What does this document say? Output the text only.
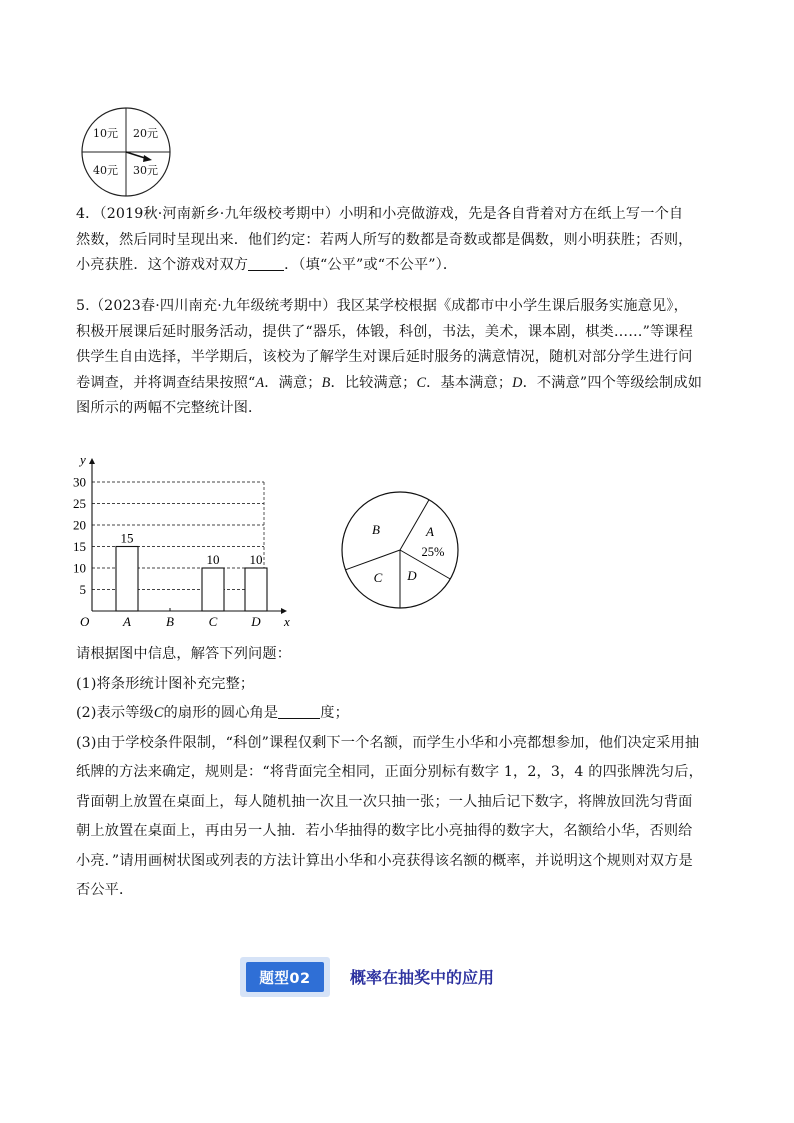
10元 20元
40元 30元
4．（2019秋·河南新乡·九年级校考期中）小明和小亮做游戏，先是各自背着对方在纸上写一个自
然数，然后同时呈现出来．他们约定：若两人所写的数都是奇数或都是偶数，则小明获胜；否则，
小亮获胜．这个游戏对双方	．（填“公平”或“不公平”）．
5.（2023春·四川南充·九年级统考期中）我区某学校根据《成都市中小学生课后服务实施意见》，
积极开展课后延时服务活动，提供了“器乐，体锻，科创，书法，美术，课本剧，棋类……”等课程
供学生自由选择，半学期后，该校为了解学生对课后延时服务的满意情况，随机对部分学生进行问
卷调查，并将调查结果按照“A．满意；B．比较满意；C．基本满意；D．不满意”四个等级绘制成如
图所示的两幅不完整统计图．
5
10
15
20
25
30
y
x
O	A
15
B	C
10
D
10
A
B
C D
25%
请根据图中信息，解答下列问题：
(1)将条形统计图补充完整；
(2)表示等级C的扇形的圆心角是	度；
(3)由于学校条件限制，“科创”课程仅剩下一个名额，而学生小华和小亮都想参加，他们决定采用抽
纸牌的方法来确定，规则是：“将背面完全相同，正面分别标有数字 1，2，3，4 的四张牌洗匀后，
背面朝上放置在桌面上，每人随机抽一次且一次只抽一张；一人抽后记下数字，将牌放回洗匀背面
朝上放置在桌面上，再由另一人抽．若小华抽得的数字比小亮抽得的数字大，名额给小华，否则给
小亮．”请用画树状图或列表的方法计算出小华和小亮获得该名额的概率，并说明这个规则对双方是
否公平．
题型02	概率在抽奖中的应用
